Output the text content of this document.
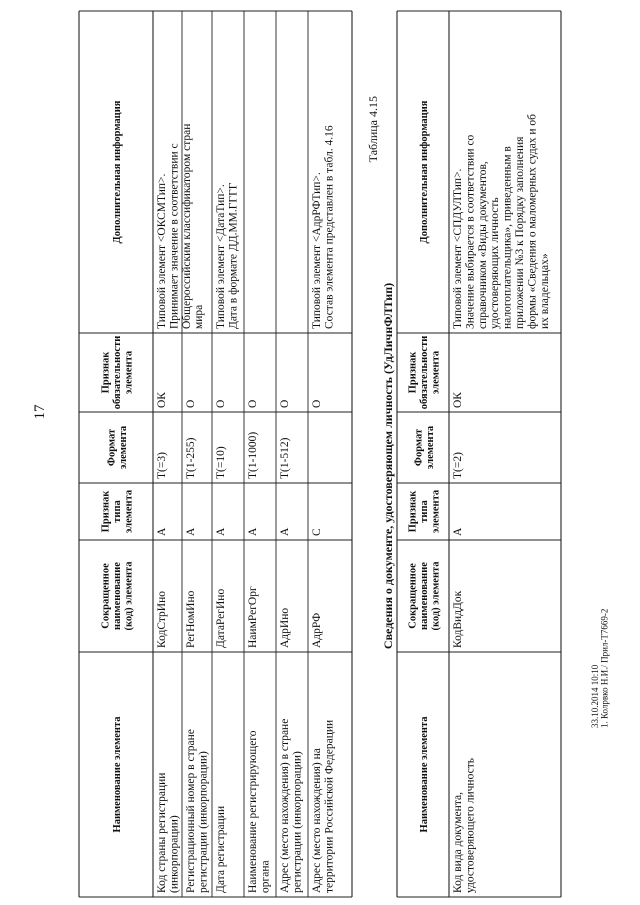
17
Наименование элемента
Сокращенноенаименование(код) элемента
Признактипаэлемента
Форматэлемента
Признакобязательностиэлемента
Дополнительная информация
Код страны регистрации(инкорпорации)
КодСтрИно
А
Т(=3)
ОК
Типовой элемент <ОКСМТип>.Принимает значение в соответствии сОбщероссийским классификатором странмира
Регистрационный номер в странерегистрации (инкорпорации)
РегНомИно
А
Т(1-255)
О
Дата регистрации
ДатаРегИно
А
Т(=10)
О
Типовой элемент <ДатаТип>.Дата в формате ДД.ММ.ГГГГ
Наименование регистрирующегооргана
НаимРегОрг
А
Т(1-1000)
О
Адрес (место нахождения) в странерегистрации (инкорпорации)
АдрИно
А
Т(1-512)
О
Адрес (место нахождения) натерритории Российской Федерации
АдрРФ
С
О
Типовой элемент <АдрРФТип>.Состав элемента представлен в табл. 4.16	Таблица 4.15
Сведения о документе, удостоверяющем личность (УдЛичнФЛТип)
Наименование элемента
Сокращенноенаименование(код) элемента
Признактипаэлемента
Форматэлемента
Признакобязательностиэлемента
Дополнительная информация
Код вида документа,удостоверяющего личность
КодВидДок
А
Т(=2)
ОК
Типовой элемент <СПДУЛТип>.Значение выбирается в соответствии сосправочником «Виды документов,удостоверяющих личностьналогоплательщика», приведенным вприложении №3 к Порядку заполненияформы «Сведения о маломерных судах и обих владельцах»
33.10.2014 10:101. Колрвко Н.И./ Прил-Т7669-2
